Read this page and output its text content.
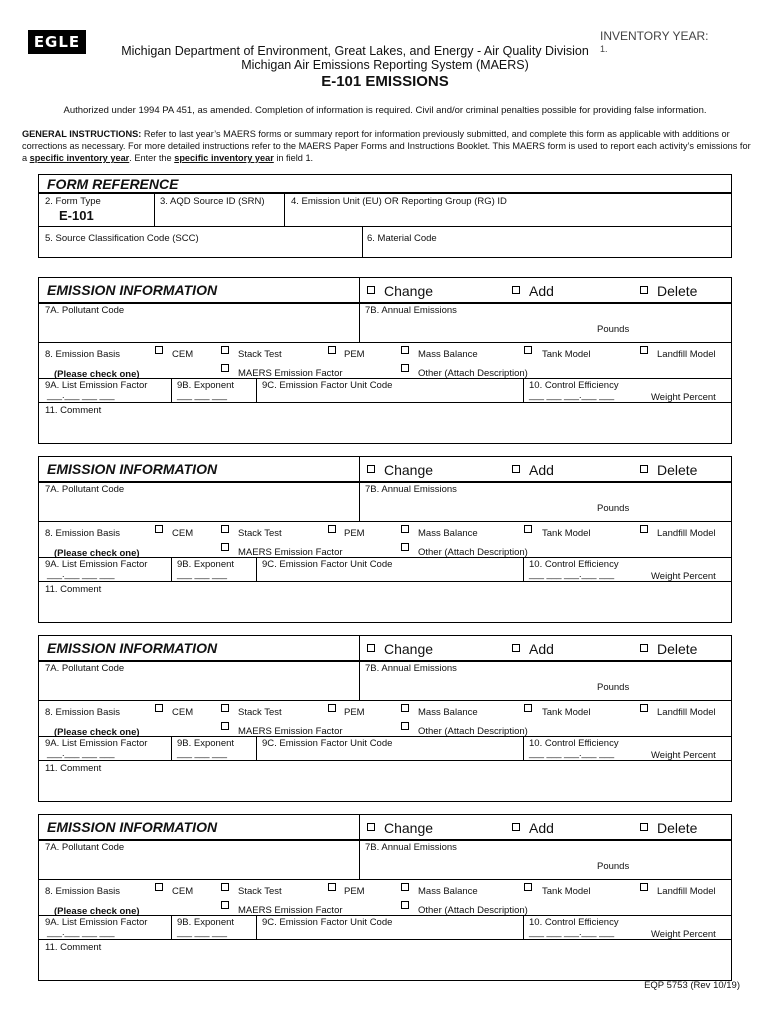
EGLE	Michigan Department of Environment, Great Lakes, and Energy - Air Quality Division
Michigan Air Emissions Reporting System (MAERS)
E-101 EMISSIONS
INVENTORY YEAR:
1.
Authorized under 1994 PA 451, as amended. Completion of information is required. Civil and/or criminal penalties possible for providing false information.
GENERAL INSTRUCTIONS: Refer to last year’s MAERS forms or summary report for information previously submitted, and complete this form as applicable with additions or corrections as necessary. For more detailed instructions refer to the MAERS Paper Forms and Instructions Booklet. This MAERS form is used to report each activity’s emissions for a specific inventory year. Enter the specific inventory year in field 1.
FORM REFERENCE
2. Form Type
E-101
3. AQD Source ID (SRN)	4. Emission Unit (EU) OR Reporting Group (RG) ID
5. Source Classification Code (SCC)	6. Material Code
EMISSION INFORMATION	Change	Add	Delete
7A. Pollutant Code	7B. Annual Emissions
Pounds
8. Emission Basis	CEM	Stack Test	PEM	Mass Balance	Tank Model	Landfill Model
(Please check one)	MAERS Emission Factor	Other (Attach Description)
9A. List Emission Factor	9B. Exponent	9C. Emission Factor Unit Code	10. Control Efficiency
___.___ ___ ___	___ ___ ___	___ ___ ___.___ ___	Weight Percent
11. Comment
EMISSION INFORMATION	Change	Add	Delete
7A. Pollutant Code	7B. Annual Emissions
Pounds
8. Emission Basis	CEM	Stack Test	PEM	Mass Balance	Tank Model	Landfill Model
(Please check one)	MAERS Emission Factor	Other (Attach Description)
9A. List Emission Factor	9B. Exponent	9C. Emission Factor Unit Code	10. Control Efficiency
___.___ ___ ___	___ ___ ___	___ ___ ___.___ ___	Weight Percent
11. Comment
EMISSION INFORMATION	Change	Add	Delete
7A. Pollutant Code	7B. Annual Emissions
Pounds
8. Emission Basis	CEM	Stack Test	PEM	Mass Balance	Tank Model	Landfill Model
(Please check one)	MAERS Emission Factor	Other (Attach Description)
9A. List Emission Factor	9B. Exponent	9C. Emission Factor Unit Code	10. Control Efficiency
___.___ ___ ___	___ ___ ___	___ ___ ___.___ ___	Weight Percent
11. Comment
EMISSION INFORMATION	Change	Add	Delete
7A. Pollutant Code	7B. Annual Emissions
Pounds
8. Emission Basis	CEM	Stack Test	PEM	Mass Balance	Tank Model	Landfill Model
(Please check one)	MAERS Emission Factor	Other (Attach Description)
9A. List Emission Factor	9B. Exponent	9C. Emission Factor Unit Code	10. Control Efficiency
___.___ ___ ___	___ ___ ___	___ ___ ___.___ ___	Weight Percent
11. Comment
EQP 5753 (Rev 10/19)
